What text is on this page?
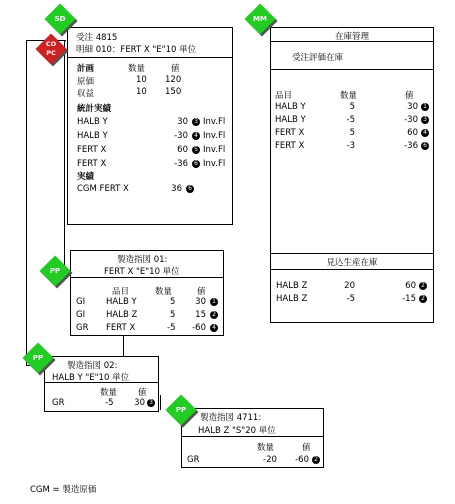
受注 4815
明細 010：FERT X "E"10 単位
計画	数量	値
原価	10 120
収益	10 150
統計実績
HALB Y	30	3 Inv.Fl
HALB Y	-30	4 Inv.Fl
FERT X	60	5 Inv.Fl
FERT X	-36	6 Inv.Fl
実績
CGM FERT X	36	6
在庫管理
受注評価在庫
品目	数量	値
HALB Y	5	30 1
HALB Y	-5	-30 3
FERT X	5	60 4
FERT X	-3	-36 6
見込生産在庫
HALB Z	20	60 2
HALB Z	-5	-15 2
製造指図 01:
FERT X "E"10 単位
品目	数量	値
GI HALB Y	5	30	1
GI HALB Z	5	15	2
GR FERT X	-5	-60	4
製造指図 02:
HALB Y "E"10 単位
数量 値
GR	-5	30 3
製造指図 4711:
HALB Z "S"20 単位
数量	値
GR	-20	-60 2
SD
CO
PC
MM
PP
PP
PP
CGM = 製造原価
